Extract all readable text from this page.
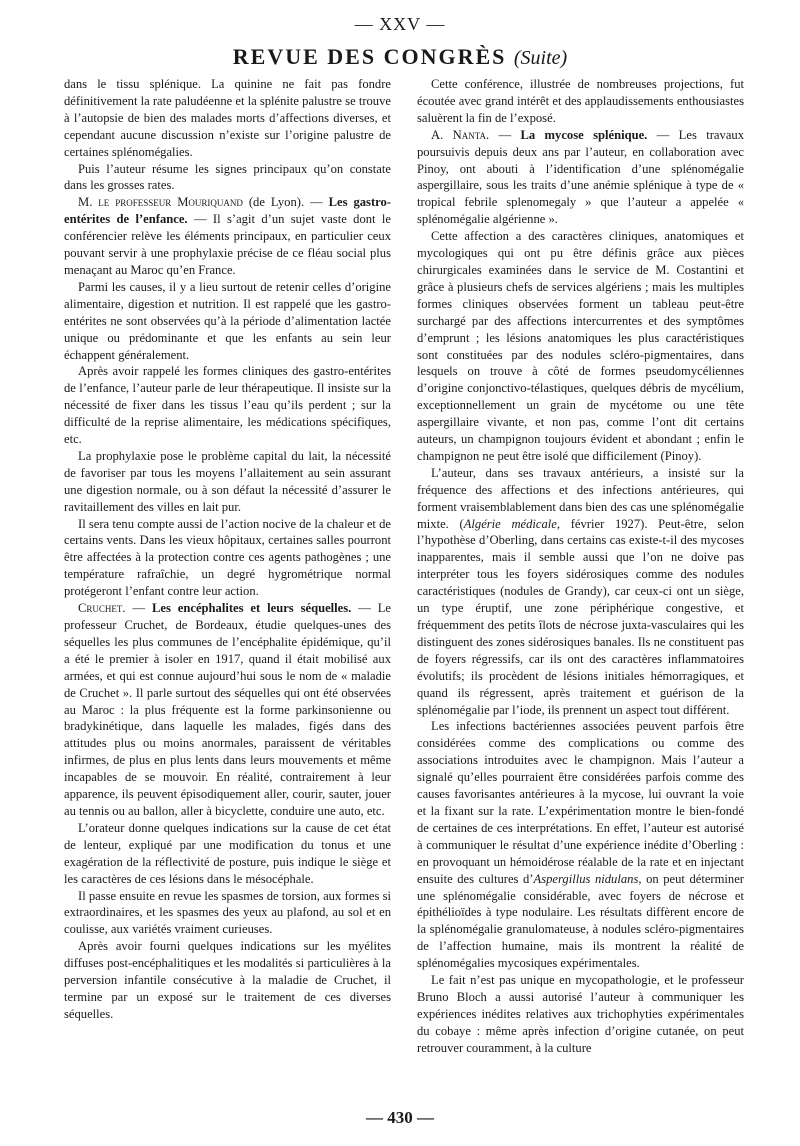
— XXV —
REVUE DES CONGRÈS (Suite)

dans le tissu splénique. La quinine ne fait pas fondre définitivement la rate paludéenne et la splénite palustre se trouve à l’autopsie de bien des malades morts d’affections diverses, et cependant aucune discussion n’existe sur l’origine palustre de certaines splénomégalies.

Puis l’auteur résume les signes principaux qu’on constate dans les grosses rates.

M. le professeur Mouriquand (de Lyon). — Les gastro-entérites de l’enfance. — Il s’agit d’un sujet vaste dont le conférencier relève les éléments principaux, en particulier ceux pouvant servir à une prophylaxie précise de ce fléau social plus menaçant au Maroc qu’en France.

Parmi les causes, il y a lieu surtout de retenir celles d’origine alimentaire, digestion et nutrition. Il est rappelé que les gastro-entérites ne sont observées qu’à la période d’alimentation lactée unique ou prédominante et que les enfants au sein leur échappent généralement.

Après avoir rappelé les formes cliniques des gastro-entérites de l’enfance, l’auteur parle de leur thérapeutique. Il insiste sur la nécessité de fixer dans les tissus l’eau qu’ils perdent ; sur la difficulté de la reprise alimentaire, les médications spécifiques, etc.

La prophylaxie pose le problème capital du lait, la nécessité de favoriser par tous les moyens l’allaitement au sein assurant une digestion normale, ou à son défaut la nécessité d’assurer le ravitaillement des villes en lait pur.

Il sera tenu compte aussi de l’action nocive de la chaleur et de certains vents. Dans les vieux hôpitaux, certaines salles pourront être affectées à la protection contre ces agents pathogènes ; une température rafraîchie, un degré hygrométrique normal protégeront l’enfant contre leur action.

Cruchet. — Les encéphalites et leurs séquelles. — Le professeur Cruchet, de Bordeaux, étudie quelques-unes des séquelles les plus communes de l’encéphalite épidémique, qu’il a été le premier à isoler en 1917, quand il était mobilisé aux armées, et qui est connue aujourd’hui sous le nom de « maladie de Cruchet ». Il parle surtout des séquelles qui ont été observées au Maroc : la plus fréquente est la forme parkinsonienne ou bradykinétique, dans laquelle les malades, figés dans des attitudes plus ou moins anormales, paraissent de véritables infirmes, de plus en plus lents dans leurs mouvements et même incapables de se mouvoir. En réalité, contrairement à leur apparence, ils peuvent épisodiquement aller, courir, sauter, jouer au tennis ou au ballon, aller à bicyclette, conduire une auto, etc.

L’orateur donne quelques indications sur la cause de cet état de lenteur, expliqué par une modification du tonus et une exagération de la réflectivité de posture, puis indique le siège et les caractères de ces lésions dans le mésocéphale.

Il passe ensuite en revue les spasmes de torsion, aux formes si extraordinaires, et les spasmes des yeux au plafond, au sol et en coulisse, aux variétés vraiment curieuses.

Après avoir fourni quelques indications sur les myélites diffuses post-encéphalitiques et les modalités si particulières à la perversion infantile consécutive à la maladie de Cruchet, il termine par un exposé sur le traitement de ces diverses séquelles.

Cette conférence, illustrée de nombreuses projections, fut écoutée avec grand intérêt et des applaudissements enthousiastes saluèrent la fin de l’exposé.

A. Nanta. — La mycose splénique. — Les travaux poursuivis depuis deux ans par l’auteur, en collaboration avec Pinoy, ont abouti à l’identification d’une splénomégalie aspergillaire, sous les traits d’une anémie splénique à type de « tropical febrile splenomegaly » que l’auteur a appelée « splénomégalie algérienne ».

Cette affection a des caractères cliniques, anatomiques et mycologiques qui ont pu être définis grâce aux pièces chirurgicales examinées dans le service de M. Costantini et grâce à plusieurs chefs de services algériens ; mais les multiples formes cliniques observées forment un tableau peut-être surchargé par des affections intercurrentes et des symptômes d’emprunt ; les lésions anatomiques les plus caractéristiques sont constituées par des nodules scléro-pigmentaires, dans lesquels on trouve à côté de formes pseudomycéliennes d’origine conjonctivo-télastiques, quelques débris de mycélium, exceptionnellement un grain de mycétome ou une tête aspergillaire vivante, et non pas, comme l’ont dit certains auteurs, un champignon toujours évident et abondant ; enfin le champignon ne peut être isolé que difficilement (Pinoy).

L’auteur, dans ses travaux antérieurs, a insisté sur la fréquence des affections et des infections antérieures, qui forment vraisemblablement dans bien des cas une splénomégalie mixte. (Algérie médicale, février 1927). Peut-être, selon l’hypothèse d’Oberling, dans certains cas existe-t-il des mycoses inapparentes, mais il semble aussi que l’on ne doive pas interpréter tous les foyers sidérosiques comme des nodules caractéristiques (nodules de Grandy), car ceux-ci ont un siège, un type éruptif, une zone périphérique congestive, et fréquemment des petits îlots de nécrose juxta-vasculaires qui les distinguent des zones sidérosiques banales. Ils ne constituent pas de foyers régressifs, car ils ont des caractères inflammatoires évolutifs; ils procèdent de lésions initiales hémorragiques, et quand ils régressent, après traitement et guérison de la splénomégalie par l’iode, ils prennent un aspect tout différent.

Les infections bactériennes associées peuvent parfois être considérées comme des complications ou comme des associations introduites avec le champignon. Mais l’auteur a signalé qu’elles pourraient être considérées parfois comme des causes favorisantes antérieures à la mycose, lui ouvrant la voie et la fixant sur la rate. L’expérimentation montre le bien-fondé de certaines de ces interprétations. En effet, l’auteur est autorisé à communiquer le résultat d’une expérience inédite d’Oberling : en provoquant un hémoidérose réalable de la rate et en injectant ensuite des cultures d’Aspergillus nidulans, on peut déterminer une splénomégalie considérable, avec foyers de nécrose et épithélioïdes à type nodulaire. Les résultats diffèrent encore de la splénomégalie granulomateuse, à nodules scléro-pigmentaires de l’affection humaine, mais ils montrent la réalité de splénomégalies mycosiques expérimentales.

Le fait n’est pas unique en mycopathologie, et le professeur Bruno Bloch a aussi autorisé l’auteur à communiquer les expériences inédites relatives aux trichophyties expérimentales du cobaye : même après infection d’origine cutanée, on peut retrouver couramment, à la culture

— 430 —
